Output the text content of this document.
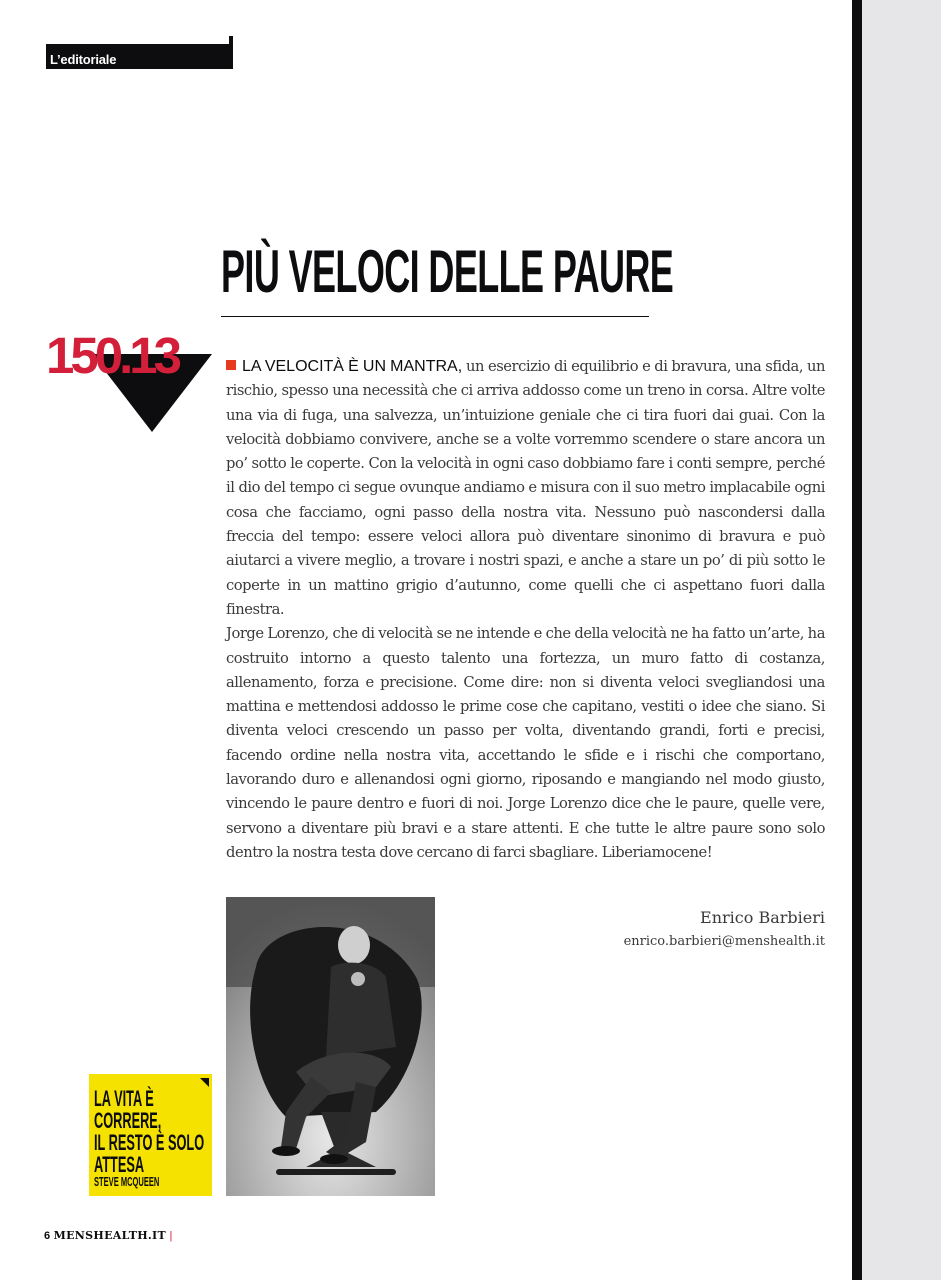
L’editoriale
PIÙ VELOCI DELLE PAURE
150.13	LA VELOCITÀ È UN MANTRA, un esercizio di equilibrio e di bravura, una sfida, un rischio, spesso una necessità che ci arriva addosso come un treno in corsa. Altre volte una via di fuga, una salvezza, un’intuizione geniale che ci tira fuori dai guai. Con la velocità dobbiamo convivere, anche se a volte vorremmo scendere o stare ancora un po’ sotto le coperte. Con la velocità in ogni caso dobbiamo fare i conti sempre, perché il dio del tempo ci segue ovunque andiamo e misura con il suo metro implacabile ogni cosa che facciamo, ogni passo della nostra vita. Nessuno può nascondersi dalla freccia del tempo: essere veloci allora può diventare sinonimo di bravura e può aiutarci a vivere meglio, a trovare i nostri spazi, e anche a stare un po’ di più sotto le coperte in un mattino grigio d’autunno, come quelli che ci aspettano fuori dalla finestra.

Jorge Lorenzo, che di velocità se ne intende e che della velocità ne ha fatto un’arte, ha costruito intorno a questo talento una fortezza, un muro fatto di costanza, allenamento, forza e precisione. Come dire: non si diventa veloci svegliandosi una mattina e mettendosi addosso le prime cose che capitano, vestiti o idee che siano. Si diventa veloci crescendo un passo per volta, diventando grandi, forti e precisi, facendo ordine nella nostra vita, accettando le sfide e i rischi che comportano, lavorando duro e allenandosi ogni giorno, riposando e mangiando nel modo giusto, vincendo le paure dentro e fuori di noi. Jorge Lorenzo dice che le paure, quelle vere, servono a diventare più bravi e a stare attenti. E che tutte le altre paure sono solo dentro la nostra testa dove cercano di farci sbagliare. Liberiamocene!

Enrico Barbieri
enrico.barbieri@menshealth.it
LA VITA È CORRERE,
IL RESTO È SOLO
ATTESA
STEVE MCQUEEN
6 MENSHEALTH.IT |
